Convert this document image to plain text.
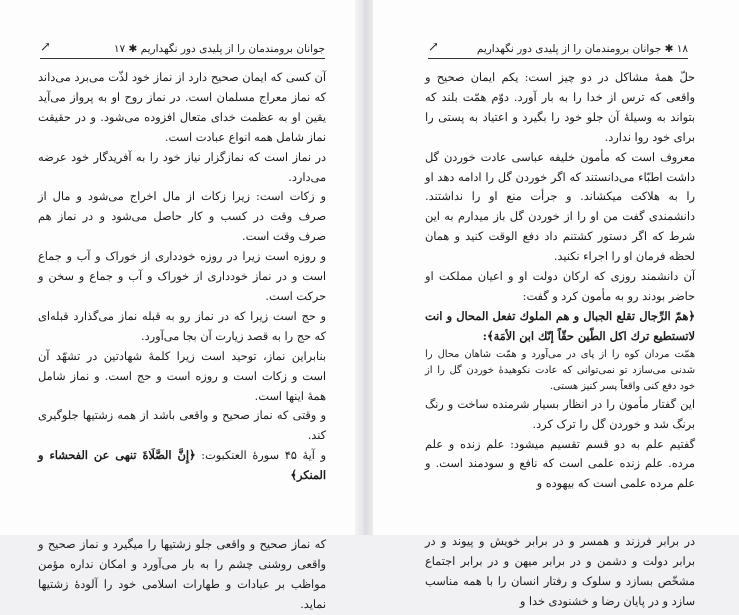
جوانان برومندمان را از پلیدی دور نگهداریم ✱ ۱۷
↗

آن کسی که ایمان صحیح دارد از نماز خود لذّت می‌برد می‌داند که نماز معراج مسلمان است. در نماز روح او به پرواز می‌آید یقین او به عظمت خدای متعال افزوده می‌شود. و در حقیقت نماز شامل همه انواع عبادت است.

در نماز است که نمازگزار نیاز خود را به آفریدگار خود عرضه می‌دارد.

و زکات است: زیرا زکات از مال اخراج می‌شود و مال از صرف وقت در کسب و کار حاصل می‌شود و در نماز هم صرف وقت است.

و روزه است زیرا در روزه خودداری از خوراک و آب و جماع است و در نماز خودداری از خوراک و آب و جماع و سخن و حرکت است.

و حج است زیرا که در نماز رو به قبله نماز می‌گذارد قبله‌ای که حج را به قصد زیارت آن بجا می‌آورد.

بنابراین نماز، توحید است زیرا کلمهٔ شهادتین در تشهّد آن است و زکات است و روزه است و حج است. و نماز شامل همهٔ اینها است.

و وقتی که نماز صحیح و واقعی باشد از همه زشتیها جلوگیری کند.

و آیهٔ ۴۵ سورهٔ العنکبوت: ﴿إِنَّ الصَّلَاةَ تنهى عن الفحشاء و المنكر﴾

که نماز صحیح و واقعی جلو زشتیها را میگیرد و نماز صحیح و واقعی روشنی چشم را به بار می‌آورد و امکان نداره مؤمن مواظب بر عبادات و طهارات اسلامی خود را آلودهٔ زشتیها نماید.

۱۸ ✱ جوانان برومندمان را از پلیدی دور نگهداریم
↗

حلّ همهٔ مشاکل در دو چیز است: یکم ایمان صحیح و واقعی که ترس از خدا را به بار آورد. دوّم همّت بلند که بتواند به وسیلهٔ آن جلو خود را بگیرد و اعتیاد به پستی را برای خود روا ندارد.

معروف است که مأمون خلیفه عباسی عادت خوردن گل داشت اطبّاء می‌دانستند که اگر خوردن گل را ادامه دهد او را به هلاکت میکشاند. و جرأت منع او را نداشتند. دانشمندی گفت من او را از خوردن گل باز میدارم به این شرط که اگر دستور کشتنم داد دفع الوقت کنید و همان لحظه فرمان او را اجراء نکنید.

آن دانشمند روزی که ارکان دولت او و اعیان مملکت او حاضر بودند رو به مأمون کرد و گفت:

﴿همّ الرِّجال تقلع الجبال و هم الملوك تفعل المحال و انت لاتستطيع ترك اكل الطّين حقّاً إنّك ابن الأمَة﴾:

همّت مردان کوه را از پای در می‌آورد و همّت شاهان محال را شدنی می‌سازد تو نمی‌توانی که عادت نکوهیدهٔ خوردن گل را از خود دفع کنی واقعاً پسر کنیز هستی.

این گفتار مأمون را در انظار بسیار شرمنده ساخت و رنگ برنگ شد و خوردن گل را ترک کرد.

گفتیم علم به دو قسم تقسیم میشود: علم زنده و علم مرده. علم زنده علمی است که نافع و سودمند است. و علم مرده علمی است که بیهوده و

در برابر فرزند و همسر و در برابر خویش و پیوند و در برابر دولت و دشمن و در برابر میهن و در برابر اجتماع مشخّص بسازد و سلوک و رفتار انسان را با همه مناسب سازد و در پایان رضا و خشنودی خدا و
